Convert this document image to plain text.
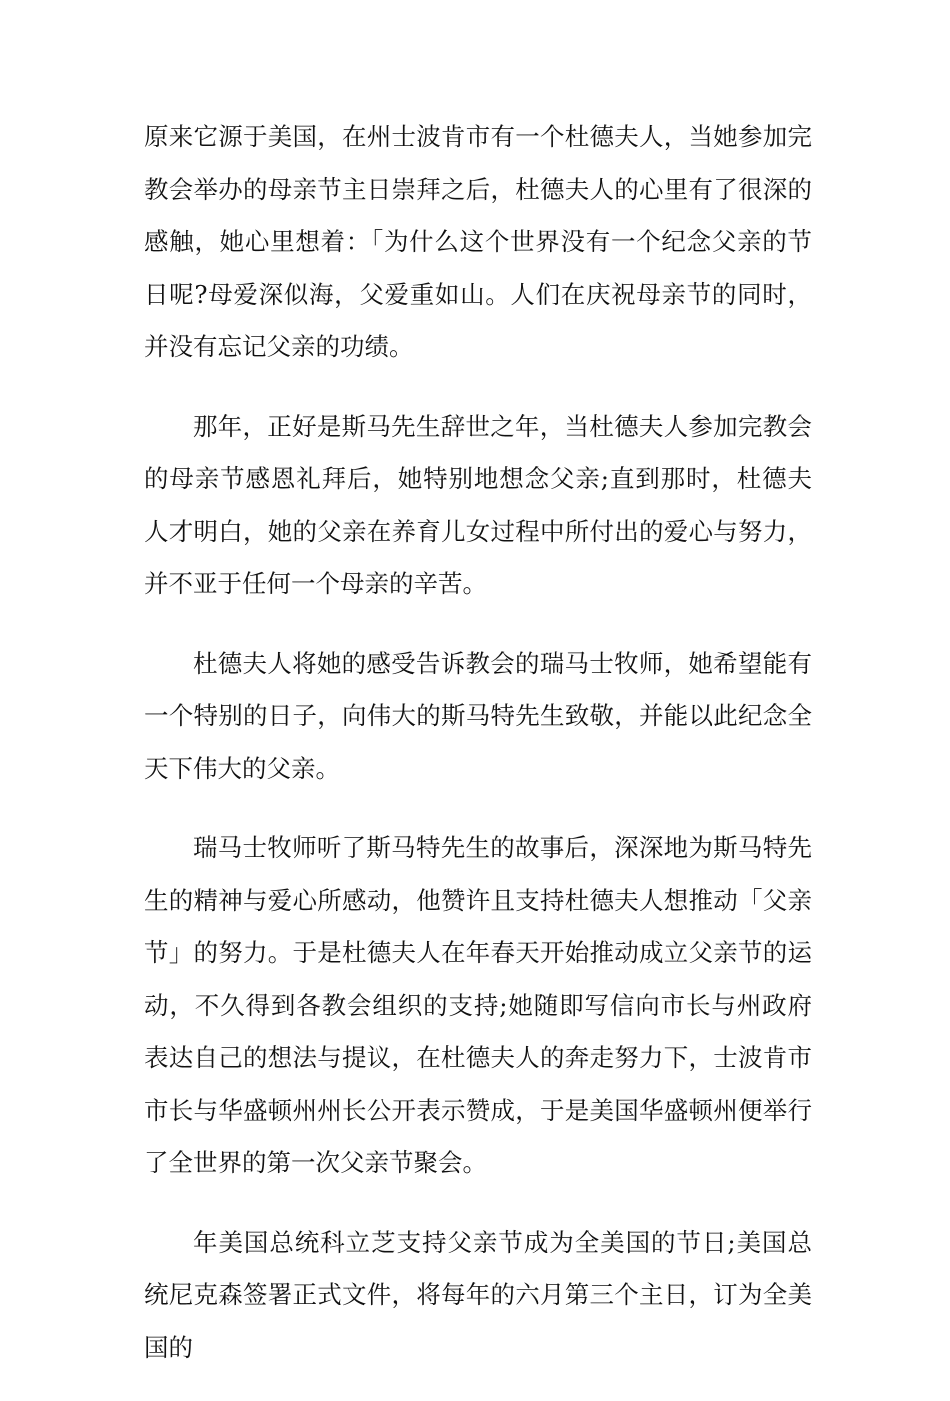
原来它源于美国，在州士波肯市有一个杜德夫人，当她参加完教会举办的母亲节主日崇拜之后，杜德夫人的心里有了很深的感触，她心里想着：「为什么这个世界没有一个纪念父亲的节日呢?母爱深似海，父爱重如山。人们在庆祝母亲节的同时，并没有忘记父亲的功绩。

那年，正好是斯马先生辞世之年，当杜德夫人参加完教会的母亲节感恩礼拜后，她特别地想念父亲;直到那时，杜德夫人才明白，她的父亲在养育儿女过程中所付出的爱心与努力，并不亚于任何一个母亲的辛苦。

杜德夫人将她的感受告诉教会的瑞马士牧师，她希望能有一个特别的日子，向伟大的斯马特先生致敬，并能以此纪念全天下伟大的父亲。

瑞马士牧师听了斯马特先生的故事后，深深地为斯马特先生的精神与爱心所感动，他赞许且支持杜德夫人想推动「父亲节」的努力。于是杜德夫人在年春天开始推动成立父亲节的运动，不久得到各教会组织的支持;她随即写信向市长与州政府表达自己的想法与提议，在杜德夫人的奔走努力下，士波肯市市长与华盛顿州州长公开表示赞成，于是美国华盛顿州便举行了全世界的第一次父亲节聚会。

年美国总统科立芝支持父亲节成为全美国的节日;美国总统尼克森签署正式文件，将每年的六月第三个主日，订为全美国的
